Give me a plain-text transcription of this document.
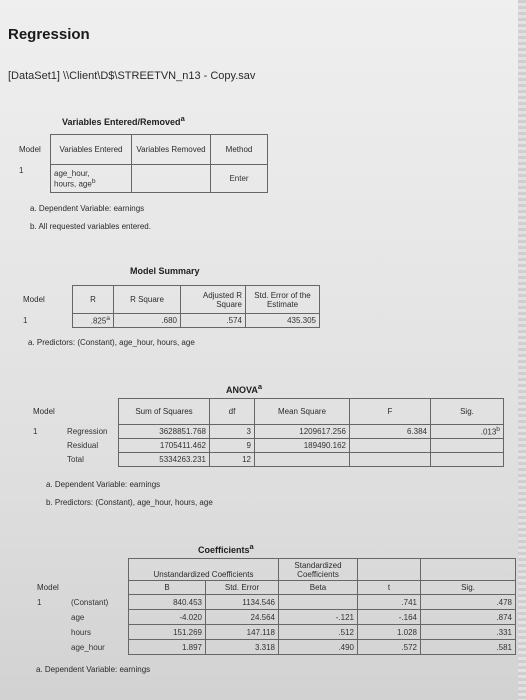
Regression
[DataSet1] \\Client\D$\STREETVN_n13 - Copy.sav
Variables Entered/Removed$^a$
Model	Variables Entered	Variables Removed	Method
1	age_hour,
hours, age$^b$		Enter
a. Dependent Variable: earnings
b. All requested variables entered.
Model Summary
Model	R	R Square	Adjusted R Square	Std. Error of the Estimate
1	.825$^a$	.680	.574	435.305
a. Predictors: (Constant), age_hour, hours, age
ANOVA$^a$
Model		Sum of Squares	df	Mean Square	F	Sig.
1	Regression	3628851.768	3	1209617.256	6.384	.013$^b$
	Residual	1705411.462	9	189490.162		
	Total	5334263.231	12			
a. Dependent Variable: earnings
b. Predictors: (Constant), age_hour, hours, age
Coefficients$^a$
		Unstandardized Coefficients		Standardized Coefficients		
Model		B	Std. Error	Beta	t	Sig.
1	(Constant)	840.453	1134.546		.741	.478
	age	-4.020	24.564	-.121	-.164	.874
	hours	151.269	147.118	.512	1.028	.331
	age_hour	1.897	3.318	.490	.572	.581
a. Dependent Variable: earnings
